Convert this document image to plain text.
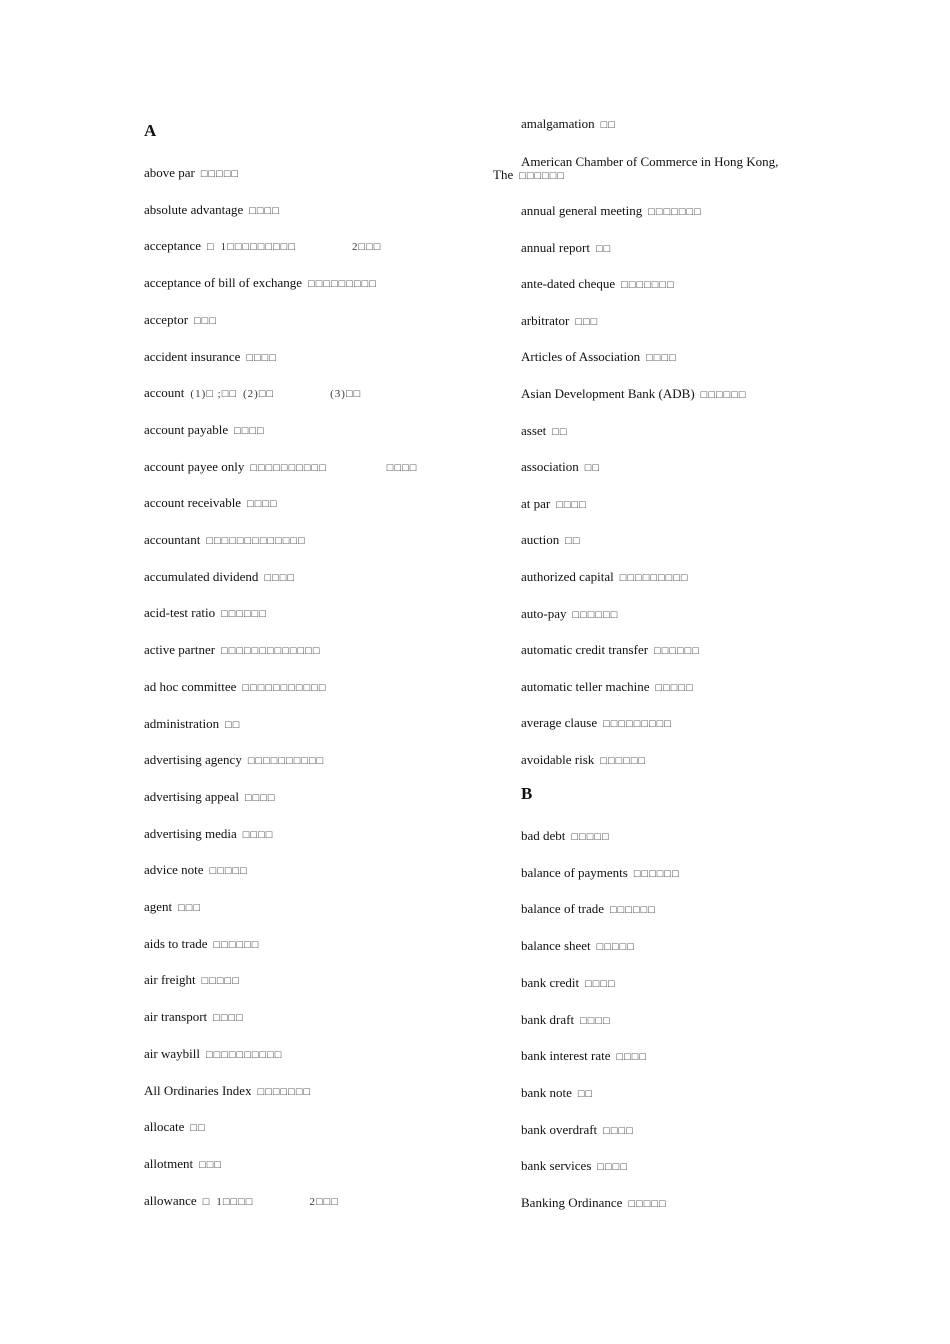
A
above par □□□□□
absolute advantage □□□□
acceptance □ 1□□□□□□□□□	2□□□
acceptance of bill of exchange □□□□□□□□□
acceptor □□□
accident insurance □□□□
account (1)□ ;□□ (2)□□	(3)□□
account payable □□□□
account payee only □□□□□□□□□□	□□□□
account receivable □□□□
accountant □□□□□□□□□□□□□
accumulated dividend □□□□
acid-test ratio □□□□□□
active partner □□□□□□□□□□□□□
ad hoc committee □□□□□□□□□□□
administration □□
advertising agency □□□□□□□□□□
advertising appeal □□□□
advertising media □□□□
advice note □□□□□
agent □□□
aids to trade □□□□□□
air freight □□□□□
air transport □□□□
air waybill □□□□□□□□□□
All Ordinaries Index □□□□□□□
allocate □□
allotment □□□
allowance □ 1□□□□	2□□□
amalgamation □□
American Chamber of Commerce in Hong Kong,
The □□□□□□
annual general meeting □□□□□□□
annual report □□
ante-dated cheque □□□□□□□
arbitrator □□□
Articles of Association □□□□
Asian Development Bank (ADB) □□□□□□
asset □□
association □□
at par □□□□
auction □□
authorized capital □□□□□□□□□
auto-pay □□□□□□
automatic credit transfer □□□□□□
automatic teller machine □□□□□
average clause □□□□□□□□□
avoidable risk □□□□□□
B
bad debt □□□□□
balance of payments □□□□□□
balance of trade □□□□□□
balance sheet □□□□□
bank credit □□□□
bank draft □□□□
bank interest rate □□□□
bank note □□
bank overdraft □□□□
bank services □□□□
Banking Ordinance □□□□□
